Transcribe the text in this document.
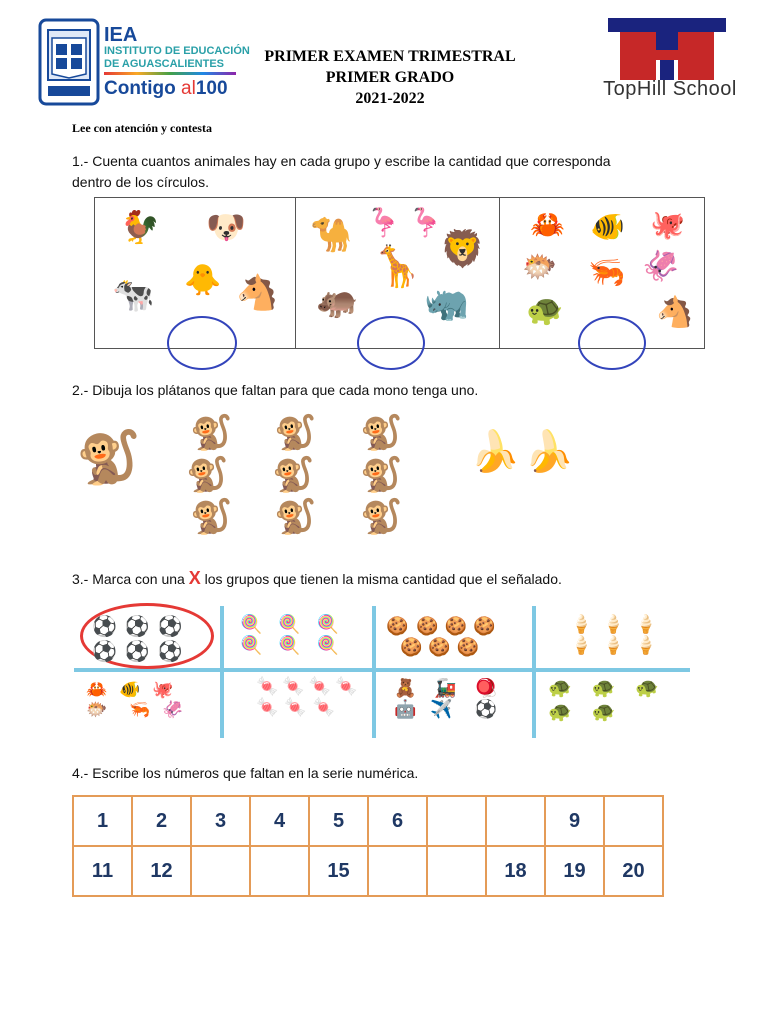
IEA
INSTITUTO DE EDUCACIÓN
DE AGUASCALIENTES
Contigo al100
PRIMER EXAMEN TRIMESTRAL
PRIMER GRADO
2021-2022	TopHill School
Lee con atención y contesta
1.- Cuenta cuantos animales hay en cada grupo y escribe la cantidad que corresponda
dentro de los círculos.
🐓 🐶
🐥
🐄 🐴
🐪 🦩 🦩
🦒 🦁
🦛 🦏
🦀 🐠 🐙
🐡 🦐 🦑
🐢	🐴
2.- Dibuja los plátanos que faltan para que cada mono tenga uno.
🐒 🐒 🐒 🐒
🐒 🐒 🐒
🐒 🐒 🐒
🍌 🍌
3.- Marca con una X los grupos que tienen la misma cantidad que el señalado.
⚽ ⚽ ⚽
⚽ ⚽ ⚽
🍭 🍭 🍭
🍭 🍭 🍭
🍪 🍪 🍪 🍪
🍪 🍪 🍪
🍦 🍦 🍦
🍦 🍦 🍦
🦀 🐠 🐙
🐡 🦐 🦑
🍬 🍬 🍬 🍬
🍬 🍬 🍬
🧸 🚂 🪀
🤖 ✈️ ⚽
🐢 🐢 🐢
🐢 🐢
4.- Escribe los números que faltan en la serie numérica.
1	2	3	4	5	6			9	
11	12			15			18	19	20
